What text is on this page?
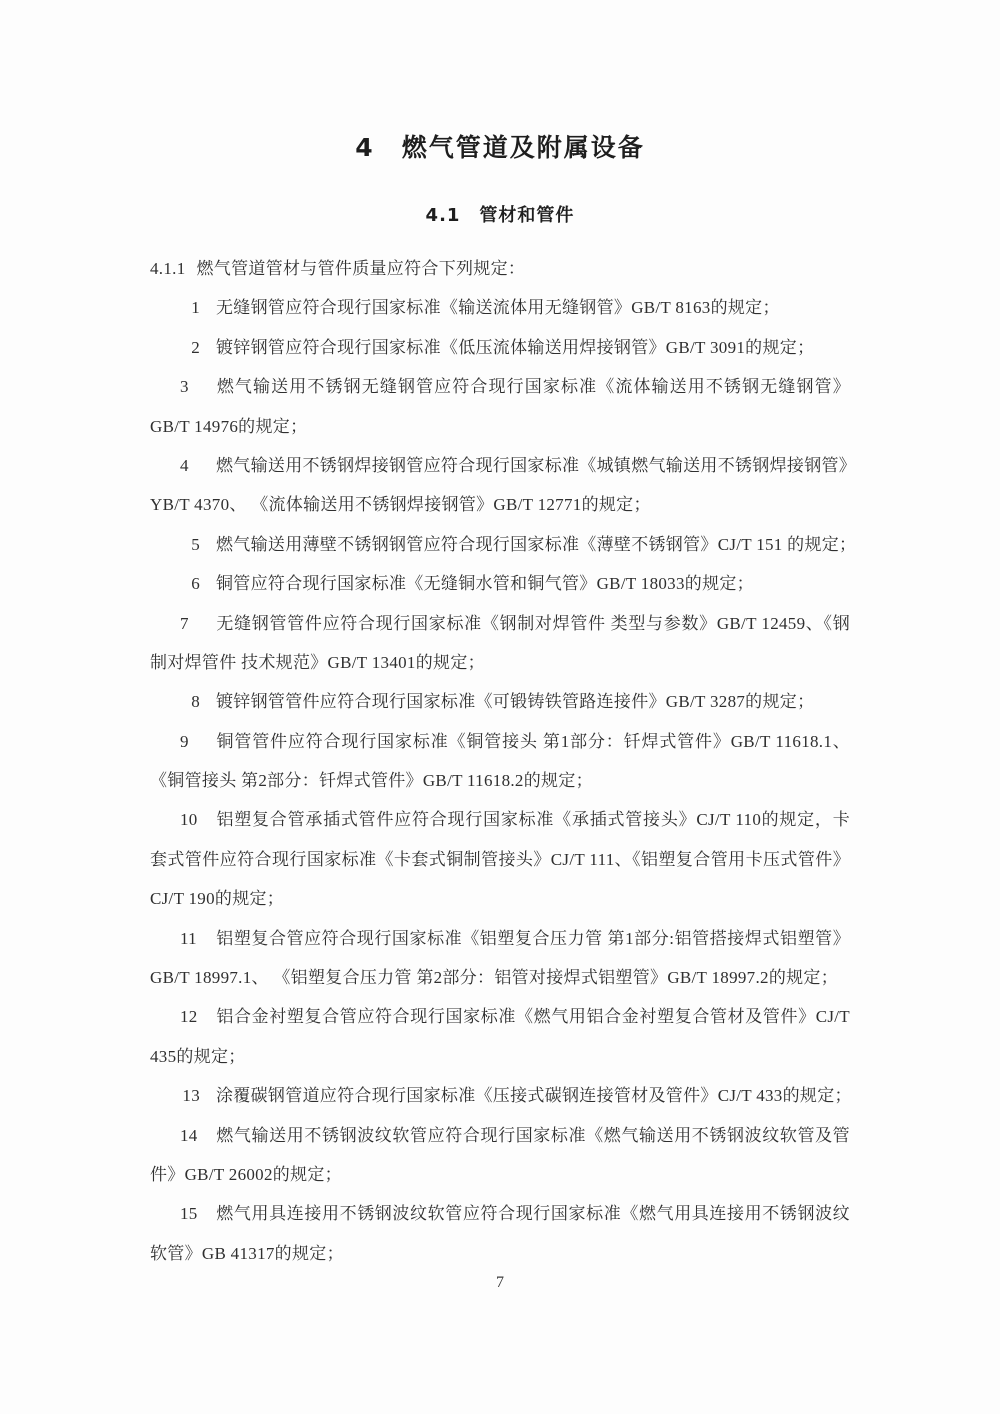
4　燃气管道及附属设备
4.1　管材和管件
4.1.1 燃气管道管材与管件质量应符合下列规定：
1 无缝钢管应符合现行国家标准《输送流体用无缝钢管》GB/T 8163的规定；
2 镀锌钢管应符合现行国家标准《低压流体输送用焊接钢管》GB/T 3091的规定；
3 燃气输送用不锈钢无缝钢管应符合现行国家标准《流体输送用不锈钢无缝钢管》
GB/T 14976的规定；
4 燃气输送用不锈钢焊接钢管应符合现行国家标准《城镇燃气输送用不锈钢焊接钢管》
YB/T 4370、 《流体输送用不锈钢焊接钢管》GB/T 12771的规定；
5 燃气输送用薄壁不锈钢钢管应符合现行国家标准《薄壁不锈钢管》CJ/T 151 的规定；
6 铜管应符合现行国家标准《无缝铜水管和铜气管》GB/T 18033的规定；
7 无缝钢管管件应符合现行国家标准《钢制对焊管件 类型与参数》GB/T 12459、《钢
制对焊管件 技术规范》GB/T 13401的规定；
8 镀锌钢管管件应符合现行国家标准《可锻铸铁管路连接件》GB/T 3287的规定；
9 铜管管件应符合现行国家标准《铜管接头 第1部分：钎焊式管件》GB/T 11618.1、
《铜管接头 第2部分：钎焊式管件》GB/T 11618.2的规定；
10 铝塑复合管承插式管件应符合现行国家标准《承插式管接头》CJ/T 110的规定，卡
套式管件应符合现行国家标准《卡套式铜制管接头》CJ/T 111、《铝塑复合管用卡压式管件》
CJ/T 190的规定；
11 铝塑复合管应符合现行国家标准《铝塑复合压力管 第1部分:铝管搭接焊式铝塑管》
GB/T 18997.1、 《铝塑复合压力管 第2部分：铝管对接焊式铝塑管》GB/T 18997.2的规定；
12 铝合金衬塑复合管应符合现行国家标准《燃气用铝合金衬塑复合管材及管件》CJ/T
435的规定；
13 涂覆碳钢管道应符合现行国家标准《压接式碳钢连接管材及管件》CJ/T 433的规定；
14 燃气输送用不锈钢波纹软管应符合现行国家标准《燃气输送用不锈钢波纹软管及管
件》GB/T 26002的规定；
15 燃气用具连接用不锈钢波纹软管应符合现行国家标准《燃气用具连接用不锈钢波纹
软管》GB 41317的规定；
7
